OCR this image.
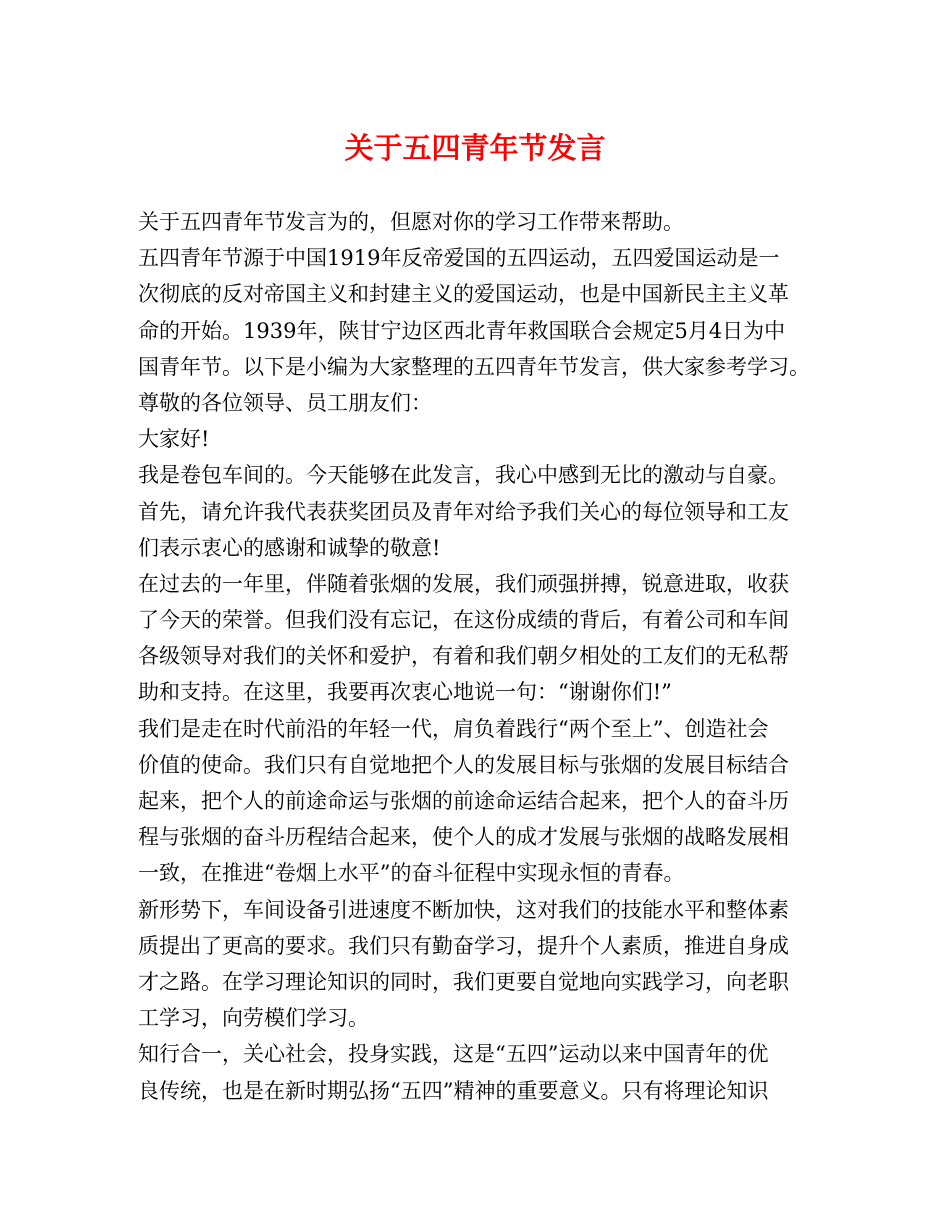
关于五四青年节发言
关于五四青年节发言为的，但愿对你的学习工作带来帮助。
五四青年节源于中国1919年反帝爱国的五四运动，五四爱国运动是一
次彻底的反对帝国主义和封建主义的爱国运动，也是中国新民主主义革
命的开始。1939年，陕甘宁边区西北青年救国联合会规定5月4日为中
国青年节。以下是小编为大家整理的五四青年节发言，供大家参考学习。
尊敬的各位领导、员工朋友们：
大家好!
我是卷包车间的。今天能够在此发言，我心中感到无比的激动与自豪。
首先，请允许我代表获奖团员及青年对给予我们关心的每位领导和工友
们表示衷心的感谢和诚挚的敬意!
在过去的一年里，伴随着张烟的发展，我们顽强拼搏，锐意进取，收获
了今天的荣誉。但我们没有忘记，在这份成绩的背后，有着公司和车间
各级领导对我们的关怀和爱护，有着和我们朝夕相处的工友们的无私帮
助和支持。在这里，我要再次衷心地说一句：“谢谢你们!”
我们是走在时代前沿的年轻一代，肩负着践行“两个至上”、创造社会
价值的使命。我们只有自觉地把个人的发展目标与张烟的发展目标结合
起来，把个人的前途命运与张烟的前途命运结合起来，把个人的奋斗历
程与张烟的奋斗历程结合起来，使个人的成才发展与张烟的战略发展相
一致，在推进“卷烟上水平”的奋斗征程中实现永恒的青春。
新形势下，车间设备引进速度不断加快，这对我们的技能水平和整体素
质提出了更高的要求。我们只有勤奋学习，提升个人素质，推进自身成
才之路。在学习理论知识的同时，我们更要自觉地向实践学习，向老职
工学习，向劳模们学习。
知行合一，关心社会，投身实践，这是“五四”运动以来中国青年的优
良传统，也是在新时期弘扬“五四”精神的重要意义。只有将理论知识
